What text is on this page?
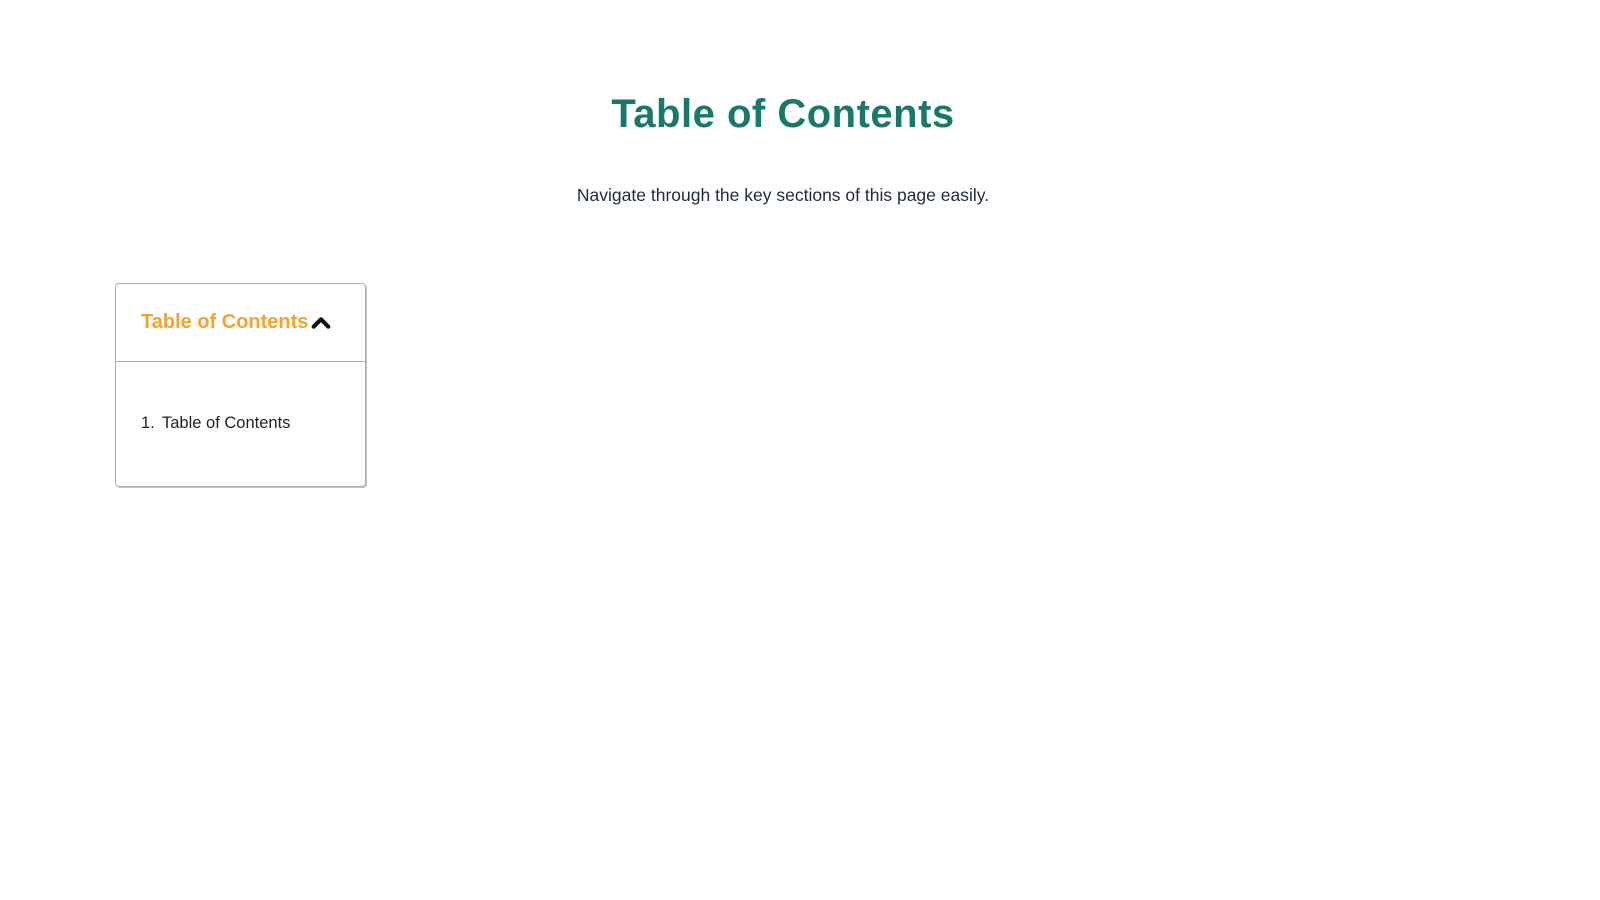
Table of Contents

Navigate through the key sections of this page easily.

Table of Contents
1. Table of Contents
